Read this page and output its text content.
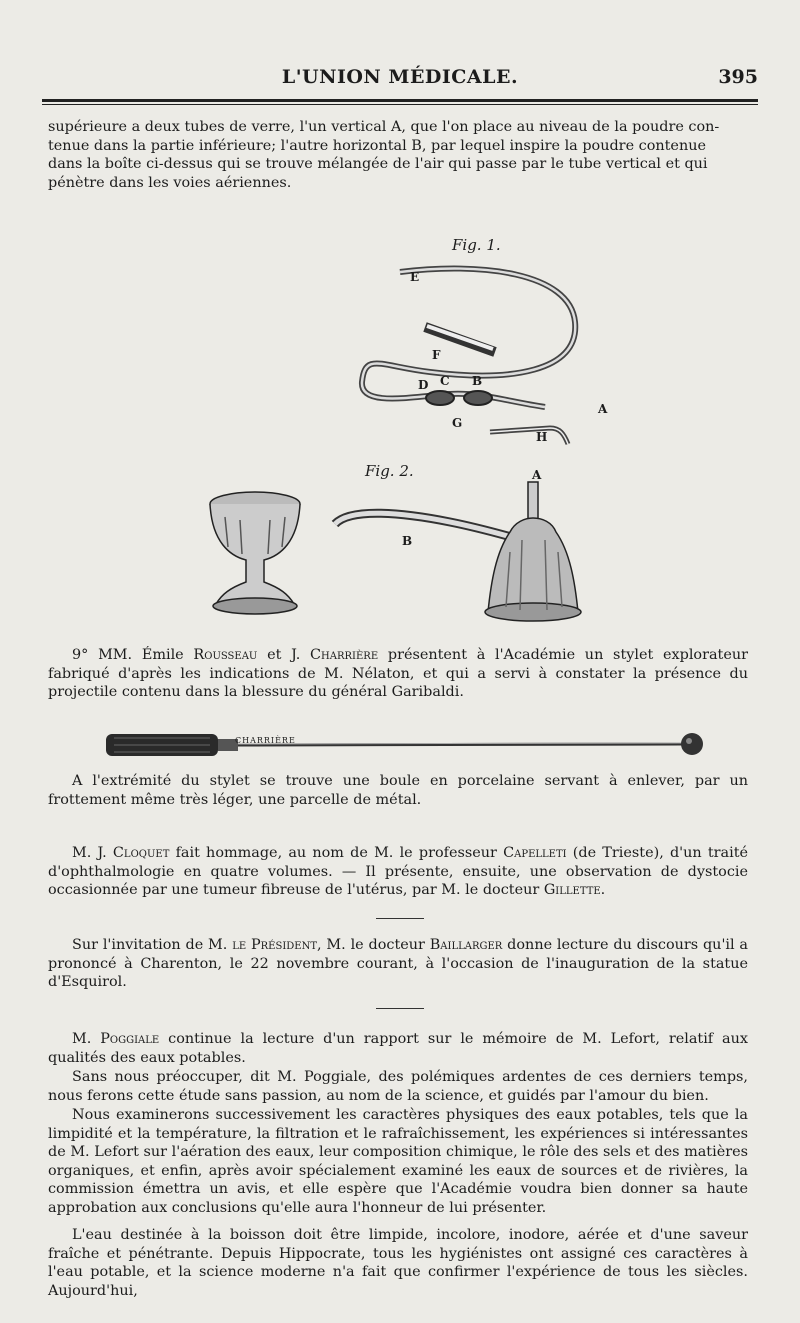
L'UNION MÉDICALE.	395

supérieure a deux tubes de verre, l'un vertical A, que l'on place au niveau de la poudre con-

tenue dans la partie inférieure; l'autre horizontal B, par lequel inspire la poudre contenue

dans la boîte ci-dessus qui se trouve mélangée de l'air qui passe par le tube vertical et qui

pénètre dans les voies aériennes.

Fig. 1.
Fig. 2.
E
F
D C B
A
G
H
A
B

9° MM. Émile Rousseau et J. Charrière présentent à l'Académie un stylet explorateur fabriqué d'après les indications de M. Nélaton, et qui a servi à constater la présence du projectile contenu dans la blessure du général Garibaldi.

CHARRIÈRE

A l'extrémité du stylet se trouve une boule en porcelaine servant à enlever, par un frottement même très léger, une parcelle de métal.

M. J. Cloquet fait hommage, au nom de M. le professeur Capelleti (de Trieste), d'un traité d'ophthalmologie en quatre volumes. — Il présente, ensuite, une observation de dystocie occasionnée par une tumeur fibreuse de l'utérus, par M. le docteur Gillette.

Sur l'invitation de M. le Président, M. le docteur Baillarger donne lecture du discours qu'il a prononcé à Charenton, le 22 novembre courant, à l'occasion de l'inauguration de la statue d'Esquirol.

M. Poggiale continue la lecture d'un rapport sur le mémoire de M. Lefort, relatif aux qualités des eaux potables.

Sans nous préoccuper, dit M. Poggiale, des polémiques ardentes de ces derniers temps, nous ferons cette étude sans passion, au nom de la science, et guidés par l'amour du bien.

Nous examinerons successivement les caractères physiques des eaux potables, tels que la limpidité et la température, la filtration et le rafraîchissement, les expériences si intéressantes de M. Lefort sur l'aération des eaux, leur composition chimique, le rôle des sels et des matières organiques, et enfin, après avoir spécialement examiné les eaux de sources et de rivières, la commission émettra un avis, et elle espère que l'Académie voudra bien donner sa haute approbation aux conclusions qu'elle aura l'honneur de lui présenter.

L'eau destinée à la boisson doit être limpide, incolore, inodore, aérée et d'une saveur fraîche et pénétrante. Depuis Hippocrate, tous les hygiénistes ont assigné ces caractères à l'eau potable, et la science moderne n'a fait que confirmer l'expérience de tous les siècles. Aujourd'hui,
